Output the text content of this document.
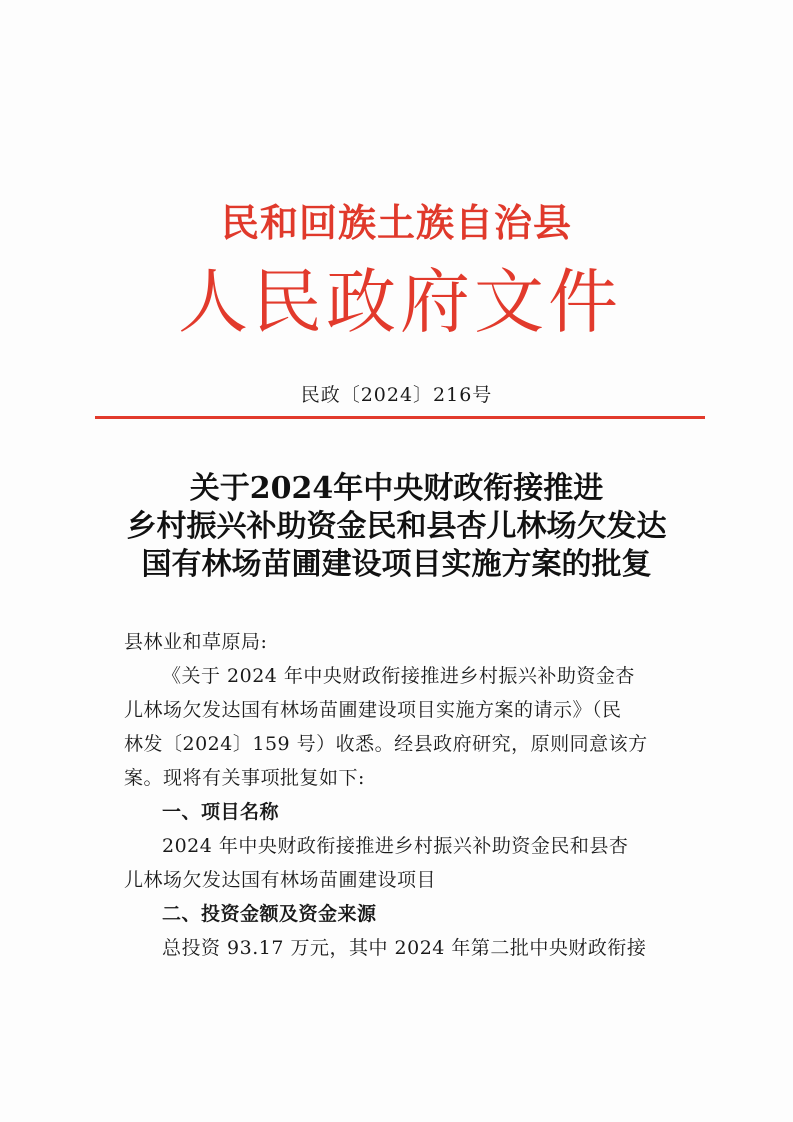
民和回族土族自治县
人 民 政 府 文 件
民政〔2024〕216号
关于2024年中央财政衔接推进
乡村振兴补助资金民和县杏儿林场欠发达
国有林场苗圃建设项目实施方案的批复

县林业和草原局:

《关于 2024 年中央财政衔接推进乡村振兴补助资金杏

儿林场欠发达国有林场苗圃建设项目实施方案的请示》（民

林发〔2024〕159 号）收悉。经县政府研究，原则同意该方

案。现将有关事项批复如下:

一、项目名称

2024 年中央财政衔接推进乡村振兴补助资金民和县杏

儿林场欠发达国有林场苗圃建设项目

二、投资金额及资金来源

总投资 93.17 万元，其中 2024 年第二批中央财政衔接
